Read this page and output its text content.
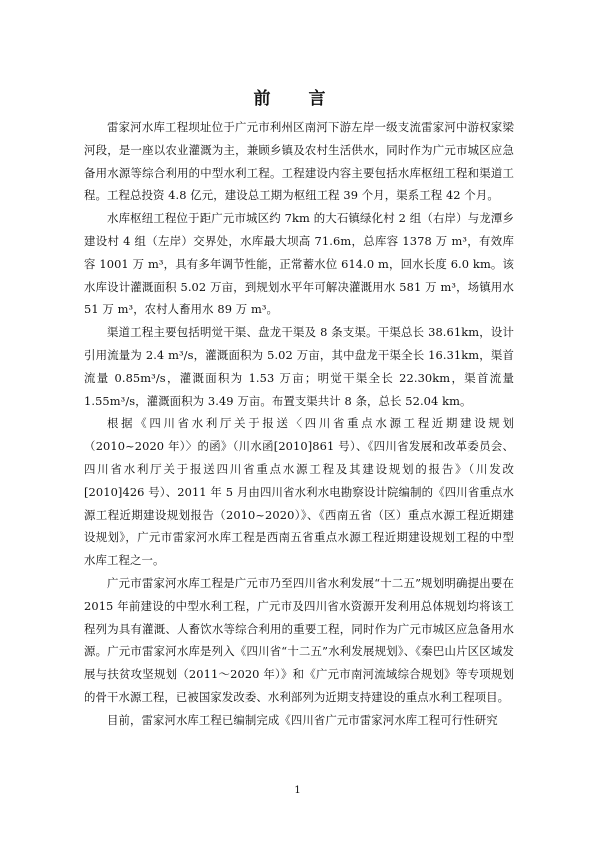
前 言

雷家河水库工程坝址位于广元市利州区南河下游左岸一级支流雷家河中游权家梁河段，是一座以农业灌溉为主，兼顾乡镇及农村生活供水，同时作为广元市城区应急备用水源等综合利用的中型水利工程。工程建设内容主要包括水库枢纽工程和渠道工程。工程总投资 4.8 亿元，建设总工期为枢纽工程 39 个月，渠系工程 42 个月。

水库枢纽工程位于距广元市城区约 7km 的大石镇绿化村 2 组（右岸）与龙潭乡建设村 4 组（左岸）交界处，水库最大坝高 71.6m，总库容 1378 万 m³，有效库容 1001 万 m³，具有多年调节性能，正常蓄水位 614.0 m，回水长度 6.0 km。该水库设计灌溉面积 5.02 万亩，到规划水平年可解决灌溉用水 581 万 m³，场镇用水 51 万 m³，农村人畜用水 89 万 m³。

渠道工程主要包括明觉干渠、盘龙干渠及 8 条支渠。干渠总长 38.61km，设计引用流量为 2.4 m³/s，灌溉面积为 5.02 万亩，其中盘龙干渠全长 16.31km，渠首流量 0.85m³/s，灌溉面积为 1.53 万亩；明觉干渠全长 22.30km，渠首流量 1.55m³/s，灌溉面积为 3.49 万亩。布置支渠共计 8 条，总长 52.04 km。

根据《四川省水利厅关于报送〈四川省重点水源工程近期建设规划（2010~2020 年）〉的函》（川水函[2010]861 号）、《四川省发展和改革委员会、四川省水利厅关于报送四川省重点水源工程及其建设规划的报告》（川发改[2010]426 号）、2011 年 5 月由四川省水利水电勘察设计院编制的《四川省重点水源工程近期建设规划报告（2010~2020）》、《西南五省（区）重点水源工程近期建设规划》，广元市雷家河水库工程是西南五省重点水源工程近期建设规划工程的中型水库工程之一。

广元市雷家河水库工程是广元市乃至四川省水利发展“十二五”规划明确提出要在 2015 年前建设的中型水利工程，广元市及四川省水资源开发利用总体规划均将该工程列为具有灌溉、人畜饮水等综合利用的重要工程，同时作为广元市城区应急备用水源。广元市雷家河水库是列入《四川省“十二五”水利发展规划》、《秦巴山片区区域发展与扶贫攻坚规划（2011～2020 年）》和《广元市南河流域综合规划》等专项规划的骨干水源工程，已被国家发改委、水利部列为近期支持建设的重点水利工程项目。

目前，雷家河水库工程已编制完成《四川省广元市雷家河水库工程可行性研究

1
